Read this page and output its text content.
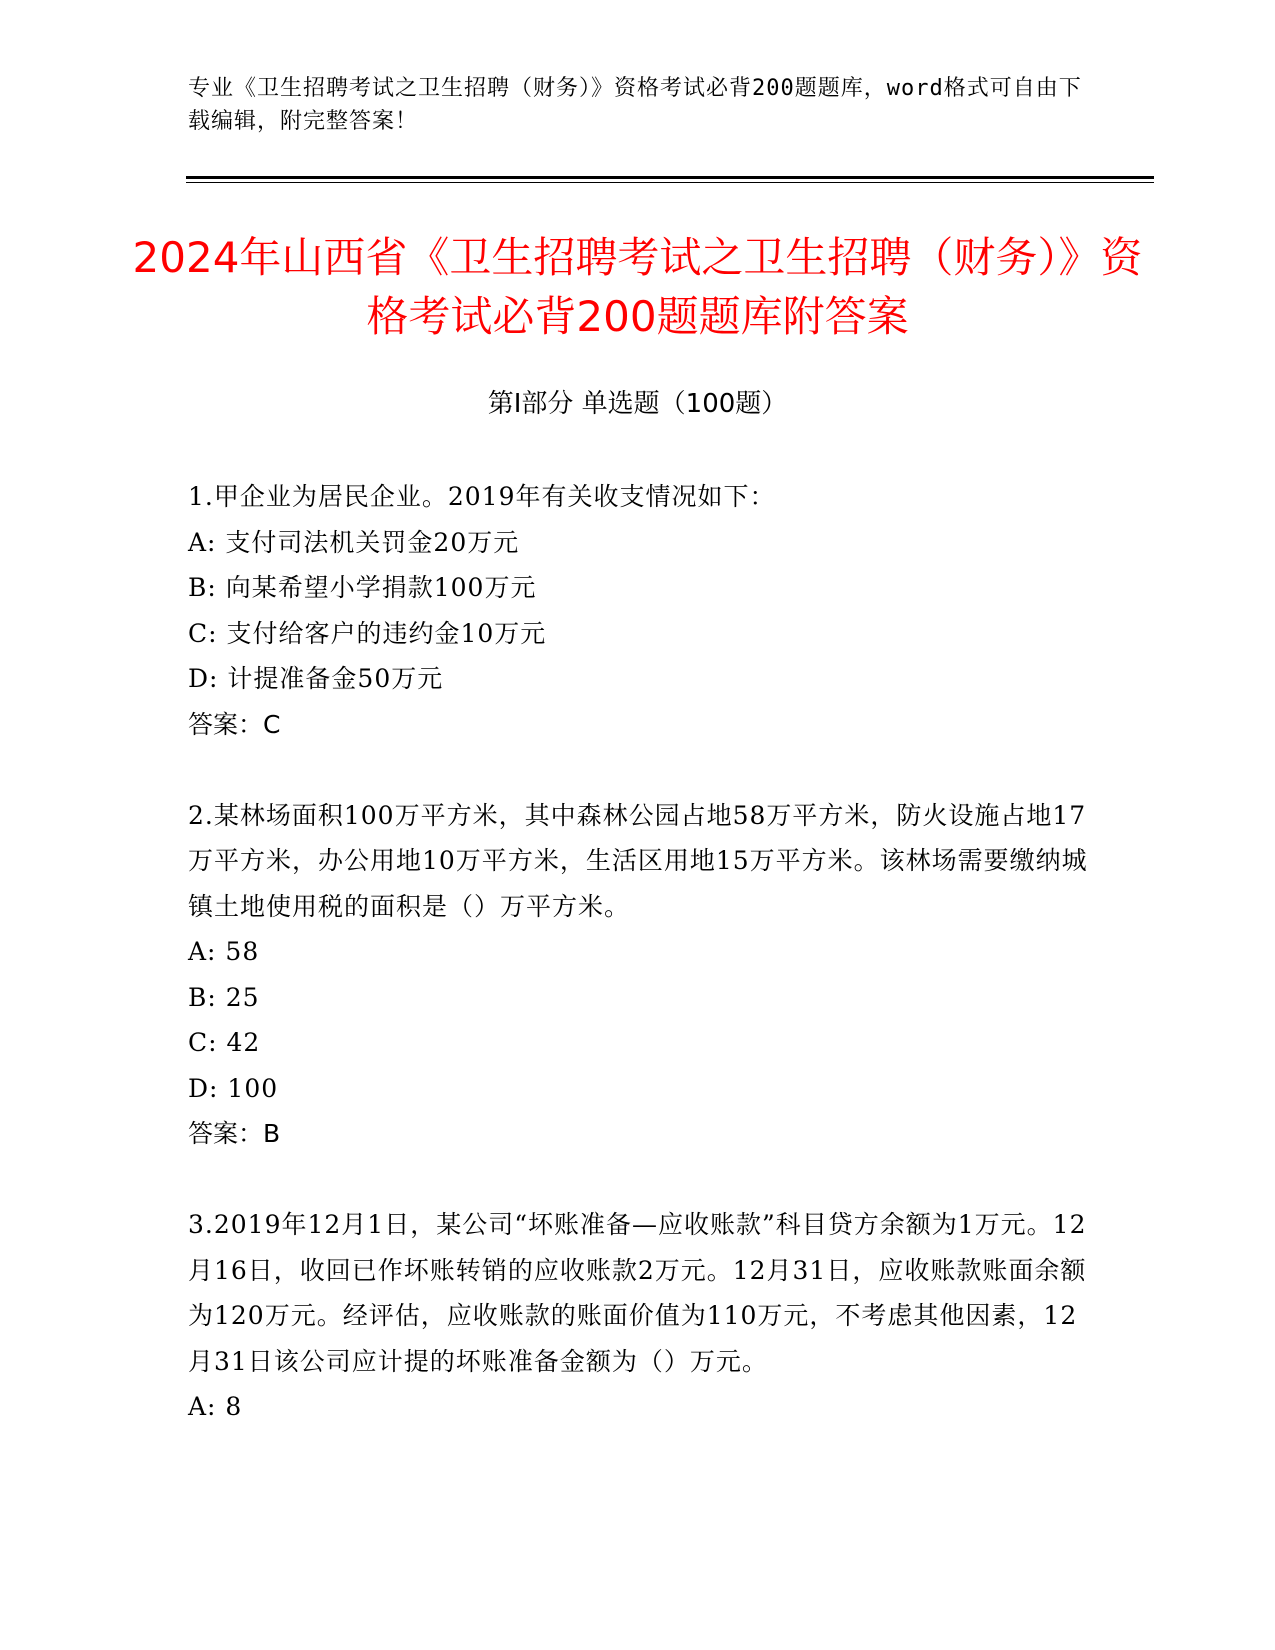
专业《卫生招聘考试之卫生招聘（财务）》资格考试必背200题题库，word格式可自由下载编辑，附完整答案！
2024年山西省《卫生招聘考试之卫生招聘（财务）》资格考试必背200题题库附答案
第Ⅰ部分 单选题（100题）

1.甲企业为居民企业。2019年有关收支情况如下：

A: 支付司法机关罚金20万元

B: 向某希望小学捐款100万元

C: 支付给客户的违约金10万元

D: 计提准备金50万元

答案：C

2.某林场面积100万平方米，其中森林公园占地58万平方米，防火设施占地17万平方米，办公用地10万平方米，生活区用地15万平方米。该林场需要缴纳城镇土地使用税的面积是（）万平方米。

A: 58

B: 25

C: 42

D: 100

答案：B

3.2019年12月1日，某公司“坏账准备—应收账款”科目贷方余额为1万元。12月16日，收回已作坏账转销的应收账款2万元。12月31日，应收账款账面余额为120万元。经评估，应收账款的账面价值为110万元，不考虑其他因素，12月31日该公司应计提的坏账准备金额为（）万元。

A: 8
